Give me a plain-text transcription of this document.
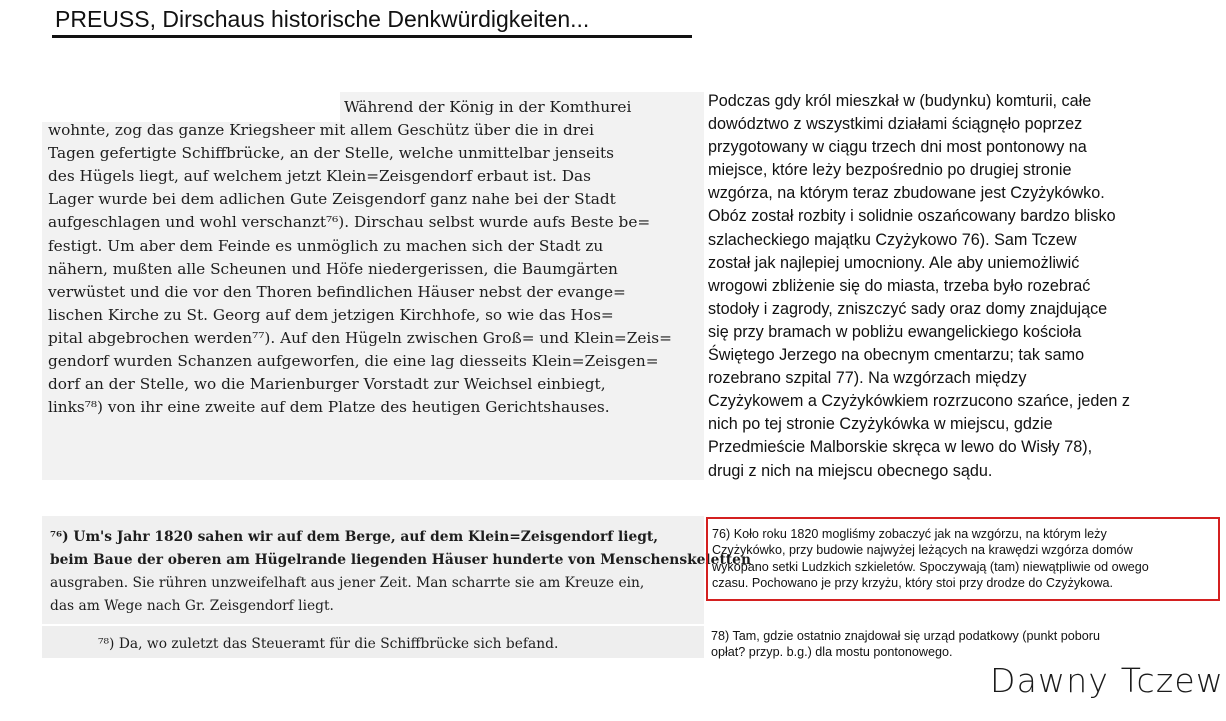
PREUSS, Dirschaus historische Denkwürdigkeiten...
Während der König in der Komthurei
wohnte, zog das ganze Kriegsheer mit allem Geschütz über die in drei
Tagen gefertigte Schiffbrücke, an der Stelle, welche unmittelbar jenseits
des Hügels liegt, auf welchem jetzt Klein=Zeisgendorf erbaut ist. Das
Lager wurde bei dem adlichen Gute Zeisgendorf ganz nahe bei der Stadt
aufgeschlagen und wohl verschanzt⁷⁶). Dirschau selbst wurde aufs Beste be=
festigt. Um aber dem Feinde es unmöglich zu machen sich der Stadt zu
nähern, mußten alle Scheunen und Höfe niedergerissen, die Baumgärten
verwüstet und die vor den Thoren befindlichen Häuser nebst der evange=
lischen Kirche zu St. Georg auf dem jetzigen Kirchhofe, so wie das Hos=
pital abgebrochen werden⁷⁷). Auf den Hügeln zwischen Groß= und Klein=Zeis=
gendorf wurden Schanzen aufgeworfen, die eine lag diesseits Klein=Zeisgen=
dorf an der Stelle, wo die Marienburger Vorstadt zur Weichsel einbiegt,
links⁷⁸) von ihr eine zweite auf dem Platze des heutigen Gerichtshauses.
⁷⁶) Um's Jahr 1820 sahen wir auf dem Berge, auf dem Klein=Zeisgendorf liegt,
beim Baue der oberen am Hügelrande liegenden Häuser hunderte von Menschenskeletten
ausgraben. Sie rühren unzweifelhaft aus jener Zeit. Man scharrte sie am Kreuze ein,
das am Wege nach Gr. Zeisgendorf liegt.
⁷⁸) Da, wo zuletzt das Steueramt für die Schiffbrücke sich befand.
Podczas gdy król mieszkał w (budynku) komturii, całe
dowództwo z wszystkimi działami ściągnęło poprzez
przygotowany w ciągu trzech dni most pontonowy na
miejsce, które leży bezpośrednio po drugiej stronie
wzgórza, na którym teraz zbudowane jest Czyżykówko.
Obóz został rozbity i solidnie oszańcowany bardzo blisko
szlacheckiego majątku Czyżykowo 76). Sam Tczew
został jak najlepiej umocniony. Ale aby uniemożliwić
wrogowi zbliżenie się do miasta, trzeba było rozebrać
stodoły i zagrody, zniszczyć sady oraz domy znajdujące
się przy bramach w pobliżu ewangelickiego kościoła
Świętego Jerzego na obecnym cmentarzu; tak samo
rozebrano szpital 77). Na wzgórzach między
Czyżykowem a Czyżykówkiem rozrzucono szańce, jeden z
nich po tej stronie Czyżykówka w miejscu, gdzie
Przedmieście Malborskie skręca w lewo do Wisły 78),
drugi z nich na miejscu obecnego sądu.
76) Koło roku 1820 mogliśmy zobaczyć jak na wzgórzu, na którym leży
Czyżykówko, przy budowie najwyżej leżących na krawędzi wzgórza domów
wykopano setki Ludzkich szkieletów. Spoczywają (tam) niewątpliwie od owego
czasu. Pochowano je przy krzyżu, który stoi przy drodze do Czyżykowa.
78) Tam, gdzie ostatnio znajdował się urząd podatkowy (punkt poboru
opłat? przyp. b.g.) dla mostu pontonowego.
Dawny Tczew
